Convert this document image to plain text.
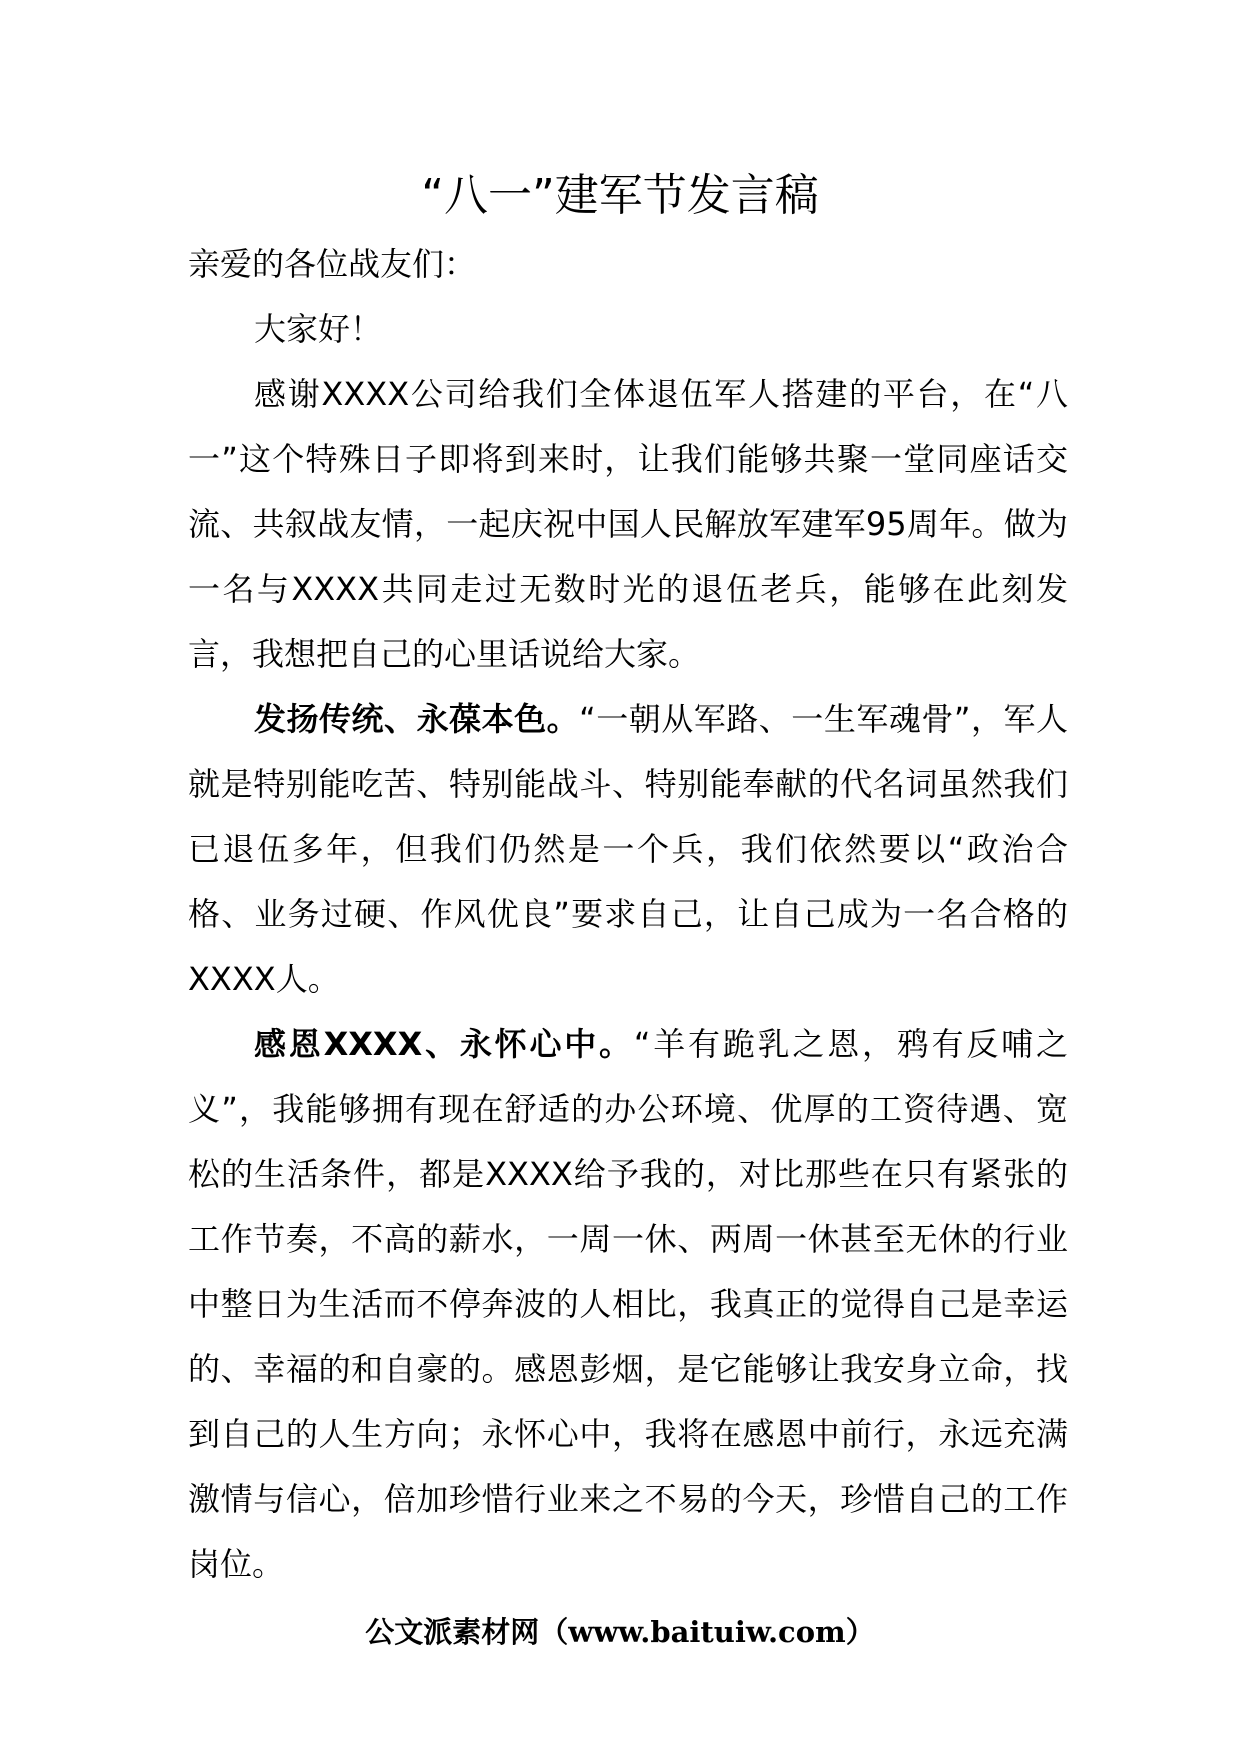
“八一”建军节发言稿

亲爱的各位战友们：

大家好！

感谢XXXX公司给我们全体退伍军人搭建的平台，在“八一”这个特殊日子即将到来时，让我们能够共聚一堂同座话交流、共叙战友情，一起庆祝中国人民解放军建军95周年。做为一名与XXXX共同走过无数时光的退伍老兵，能够在此刻发言，我想把自己的心里话说给大家。

发扬传统、永葆本色。“一朝从军路、一生军魂骨”，军人就是特别能吃苦、特别能战斗、特别能奉献的代名词虽然我们已退伍多年，但我们仍然是一个兵，我们依然要以“政治合格、业务过硬、作风优良”要求自己，让自己成为一名合格的XXXX人。

感恩XXXX、永怀心中。“羊有跪乳之恩，鸦有反哺之义”，我能够拥有现在舒适的办公环境、优厚的工资待遇、宽松的生活条件，都是XXXX给予我的，对比那些在只有紧张的工作节奏，不高的薪水，一周一休、两周一休甚至无休的行业中整日为生活而不停奔波的人相比，我真正的觉得自己是幸运的、幸福的和自豪的。感恩彭烟，是它能够让我安身立命，找到自己的人生方向；永怀心中，我将在感恩中前行，永远充满激情与信心，倍加珍惜行业来之不易的今天，珍惜自己的工作岗位。

公文派素材网（www.baituiw.com）
